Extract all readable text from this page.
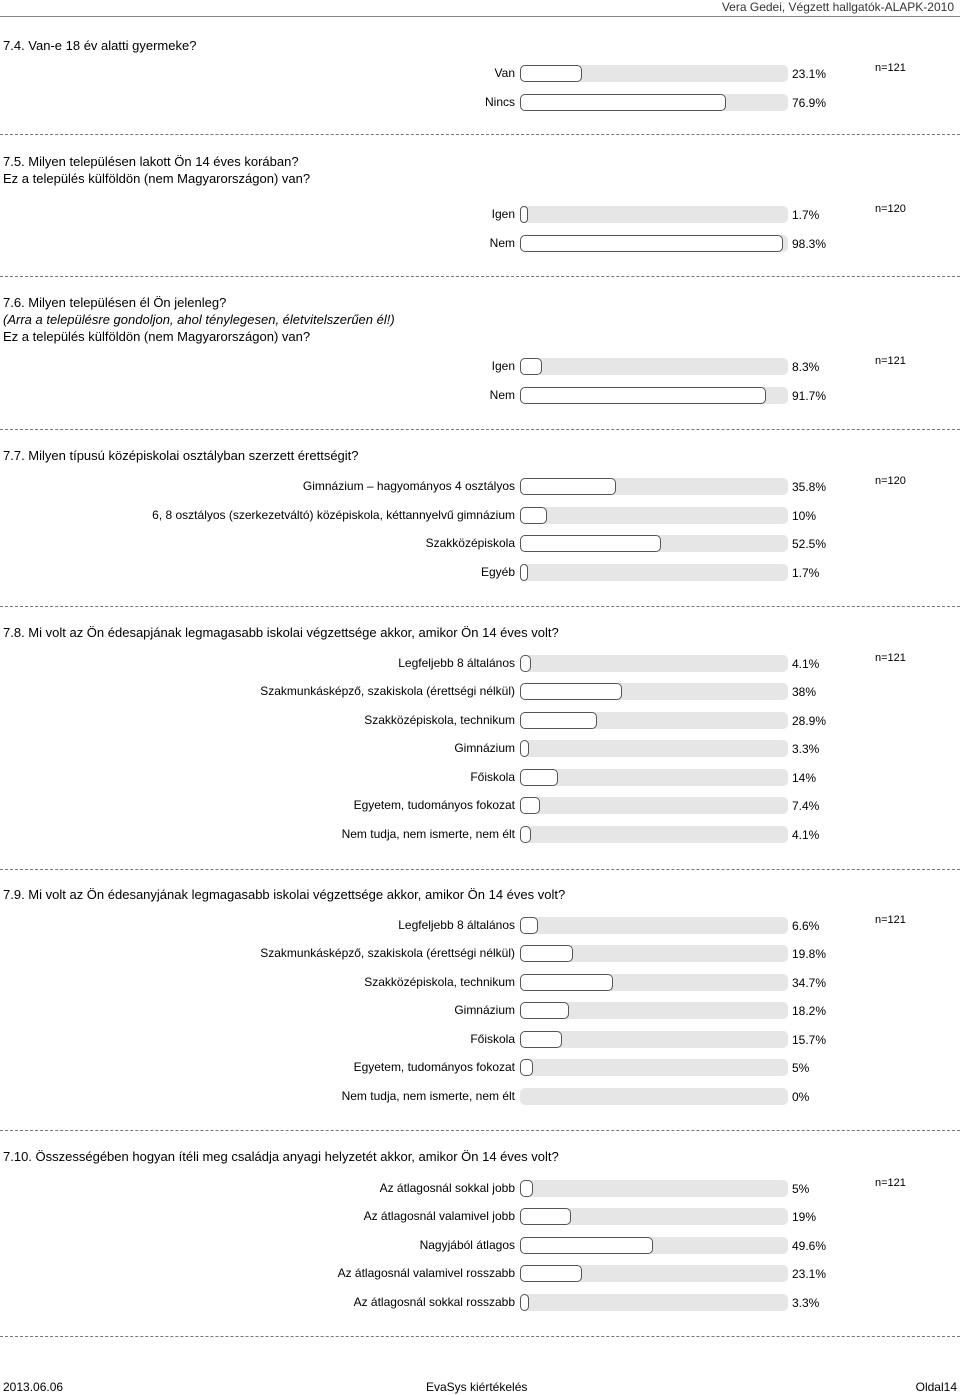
Vera Gedei, Végzett hallgatók-ALAPK-2010
7.4. Van-e 18 év alatti gyermeke?
n=121
Van	23.1%
Nincs	76.9%
7.5. Milyen településen lakott Ön 14 éves korában?
Ez a település külföldön (nem Magyarországon) van?
n=120
Igen	1.7%
Nem	98.3%
7.6. Milyen településen él Ön jelenleg?
(Arra a településre gondoljon, ahol ténylegesen, életvitelszerűen él!)
Ez a település külföldön (nem Magyarországon) van?
n=121
Igen	8.3%
Nem	91.7%
7.7. Milyen típusú középiskolai osztályban szerzett érettségit?
n=120
Gimnázium – hagyományos 4 osztályos	35.8%
6, 8 osztályos (szerkezetváltó) középiskola, kéttannyelvű gimnázium	10%
Szakközépiskola	52.5%
Egyéb	1.7%
7.8. Mi volt az Ön édesapjának legmagasabb iskolai végzettsége akkor, amikor Ön 14 éves volt?
n=121
Legfeljebb 8 általános	4.1%
Szakmunkásképző, szakiskola (érettségi nélkül)	38%
Szakközépiskola, technikum	28.9%
Gimnázium	3.3%
Főiskola	14%
Egyetem, tudományos fokozat	7.4%
Nem tudja, nem ismerte, nem élt	4.1%
7.9. Mi volt az Ön édesanyjának legmagasabb iskolai végzettsége akkor, amikor Ön 14 éves volt?
n=121
Legfeljebb 8 általános	6.6%
Szakmunkásképző, szakiskola (érettségi nélkül)	19.8%
Szakközépiskola, technikum	34.7%
Gimnázium	18.2%
Főiskola	15.7%
Egyetem, tudományos fokozat	5%
Nem tudja, nem ismerte, nem élt	0%
7.10. Összességében hogyan ítéli meg családja anyagi helyzetét akkor, amikor Ön 14 éves volt?
n=121
Az átlagosnál sokkal jobb	5%
Az átlagosnál valamivel jobb	19%
Nagyjából átlagos	49.6%
Az átlagosnál valamivel rosszabb	23.1%
Az átlagosnál sokkal rosszabb	3.3%
2013.06.06	EvaSys kiértékelés	Oldal14
